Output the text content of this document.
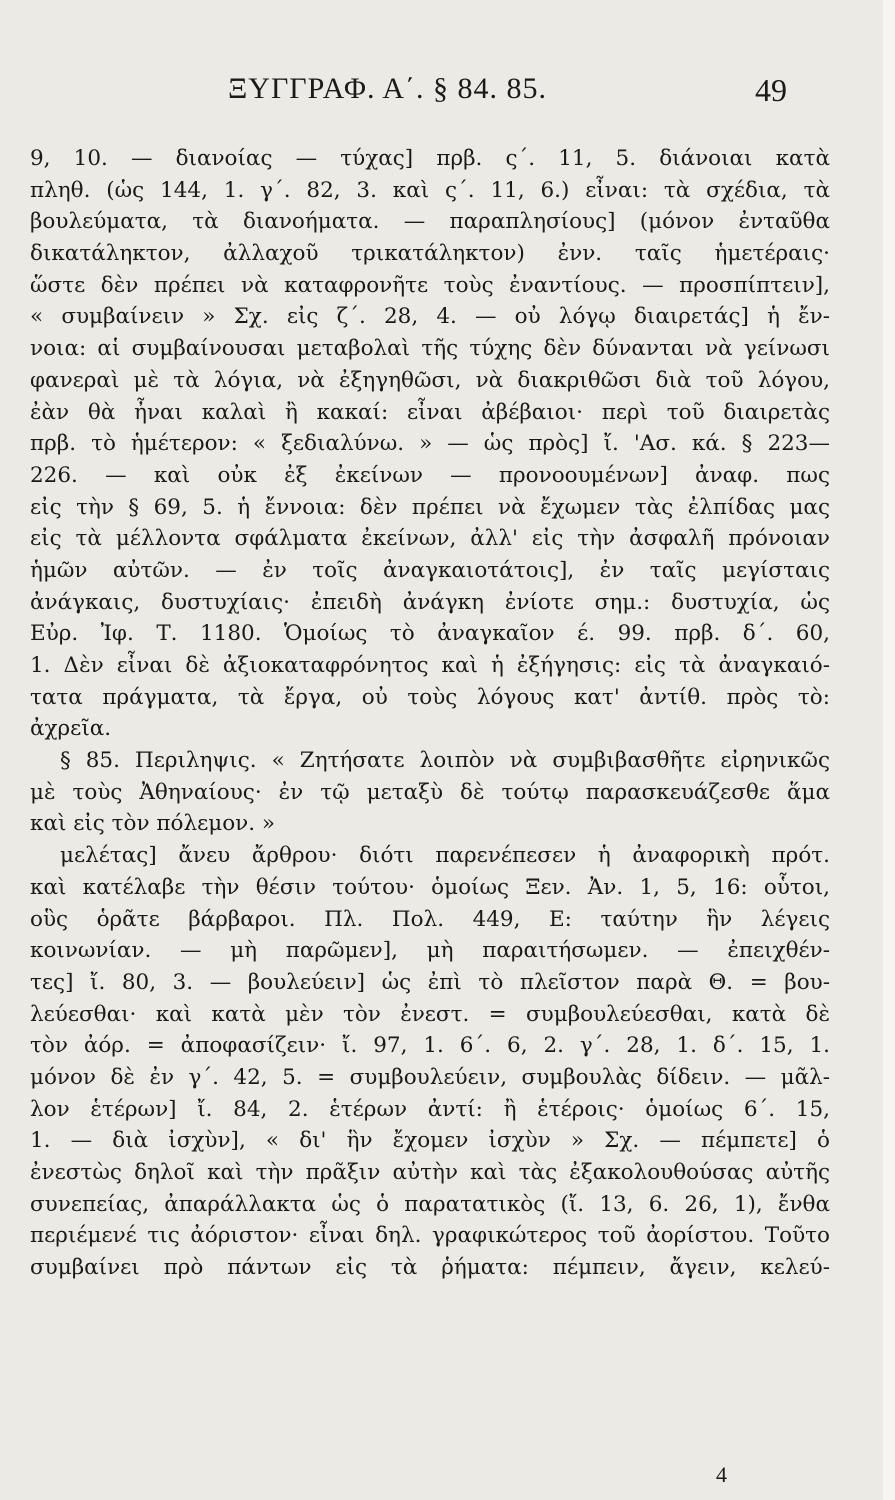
ΞΥΓΓΡΑΦ. Α΄. § 84. 85.	49
9, 10. — διανοίας — τύχας] πρβ. ς΄. 11, 5. διάνοιαι κατὰ
πληθ. (ὡς 144, 1. γ΄. 82, 3. καὶ ς΄. 11, 6.) εἶναι: τὰ σχέδια, τὰ
βουλεύματα, τὰ διανοήματα. — παραπλησίους] (μόνον ἐνταῦθα
δικατάληκτον, ἀλλαχοῦ τρικατάληκτον) ἐνν. ταῖς ἡμετέραις·
ὥστε δὲν πρέπει νὰ καταφρονῆτε τοὺς ἐναντίους. — προσπίπτειν],
« συμβαίνειν » Σχ. εἰς ζ΄. 28, 4. — οὐ λόγῳ διαιρετάς] ἡ ἔν-
νοια: αἱ συμβαίνουσαι μεταβολαὶ τῆς τύχης δὲν δύνανται νὰ γείνωσι
φανεραὶ μὲ τὰ λόγια, νὰ ἐξηγηθῶσι, νὰ διακριθῶσι διὰ τοῦ λόγου,
ἐὰν θὰ ἦναι καλαὶ ἢ κακαί: εἶναι ἀβέβαιοι· περὶ τοῦ διαιρετὰς
πρβ. τὸ ἡμέτερον: « ξεδιαλύνω. » — ὡς πρὸς] ἴ. 'Ασ. κά. § 223—
226. — καὶ οὐκ ἐξ ἐκείνων — προνοουμένων] ἀναφ. πως
εἰς τὴν § 69, 5. ἡ ἔννοια: δὲν πρέπει νὰ ἔχωμεν τὰς ἐλπίδας μας
εἰς τὰ μέλλοντα σφάλματα ἐκείνων, ἀλλ' εἰς τὴν ἀσφαλῆ πρόνοιαν
ἡμῶν αὐτῶν. — ἐν τοῖς ἀναγκαιοτάτοις], ἐν ταῖς μεγίσταις
ἀνάγκαις, δυστυχίαις· ἐπειδὴ ἀνάγκη ἐνίοτε σημ.: δυστυχία, ὡς
Εὐρ. Ἰφ. Τ. 1180. Ὁμοίως τὸ ἀναγκαῖον έ. 99. πρβ. δ΄. 60,
1. Δὲν εἶναι δὲ ἀξιοκαταφρόνητος καὶ ἡ ἐξήγησις: εἰς τὰ ἀναγκαιό-
τατα πράγματα, τὰ ἔργα, οὐ τοὺς λόγους κατ' ἀντίθ. πρὸς τὸ:
ἀχρεῖα.
§ 85. Περιληψις. « Ζητήσατε λοιπὸν νὰ συμβιβασθῆτε εἰρηνικῶς
μὲ τοὺς Ἀθηναίους· ἐν τῷ μεταξὺ δὲ τούτῳ παρασκευάζεσθε ἅμα
καὶ εἰς τὸν πόλεμον. »
μελέτας] ἄνευ ἄρθρου· διότι παρενέπεσεν ἡ ἀναφορικὴ πρότ.
καὶ κατέλαβε τὴν θέσιν τούτου· ὁμοίως Ξεν. Ἀν. 1, 5, 16: οὗτοι,
οὓς ὁρᾶτε βάρβαροι. Πλ. Πολ. 449, Ε: ταύτην ἣν λέγεις
κοινωνίαν. — μὴ παρῶμεν], μὴ παραιτήσωμεν. — ἐπειχθέν-
τες] ἴ. 80, 3. — βουλεύειν] ὡς ἐπὶ τὸ πλεῖστον παρὰ Θ. = βου-
λεύεσθαι· καὶ κατὰ μὲν τὸν ἐνεστ. = συμβουλεύεσθαι, κατὰ δὲ
τὸν ἀόρ. = ἀποφασίζειν· ἴ. 97, 1. 6΄. 6, 2. γ΄. 28, 1. δ΄. 15, 1.
μόνον δὲ ἐν γ΄. 42, 5. = συμβουλεύειν, συμβουλὰς δίδειν. — μᾶλ-
λον ἑτέρων] ἴ. 84, 2. ἑτέρων ἀντί: ἢ ἑτέροις· ὁμοίως 6΄. 15,
1. — διὰ ἰσχὺν], « δι' ἣν ἔχομεν ἰσχὺν » Σχ. — πέμπετε] ὁ
ἐνεστὼς δηλοῖ καὶ τὴν πρᾶξιν αὐτὴν καὶ τὰς ἐξακολουθούσας αὐτῆς
συνεπείας, ἀπαράλλακτα ὡς ὁ παρατατικὸς (ἴ. 13, 6. 26, 1), ἔνθα
περιέμενέ τις ἀόριστον· εἶναι δηλ. γραφικώτερος τοῦ ἀορίστου. Τοῦτο
συμβαίνει πρὸ πάντων εἰς τὰ ῥήματα: πέμπειν, ἄγειν, κελεύ-
4
